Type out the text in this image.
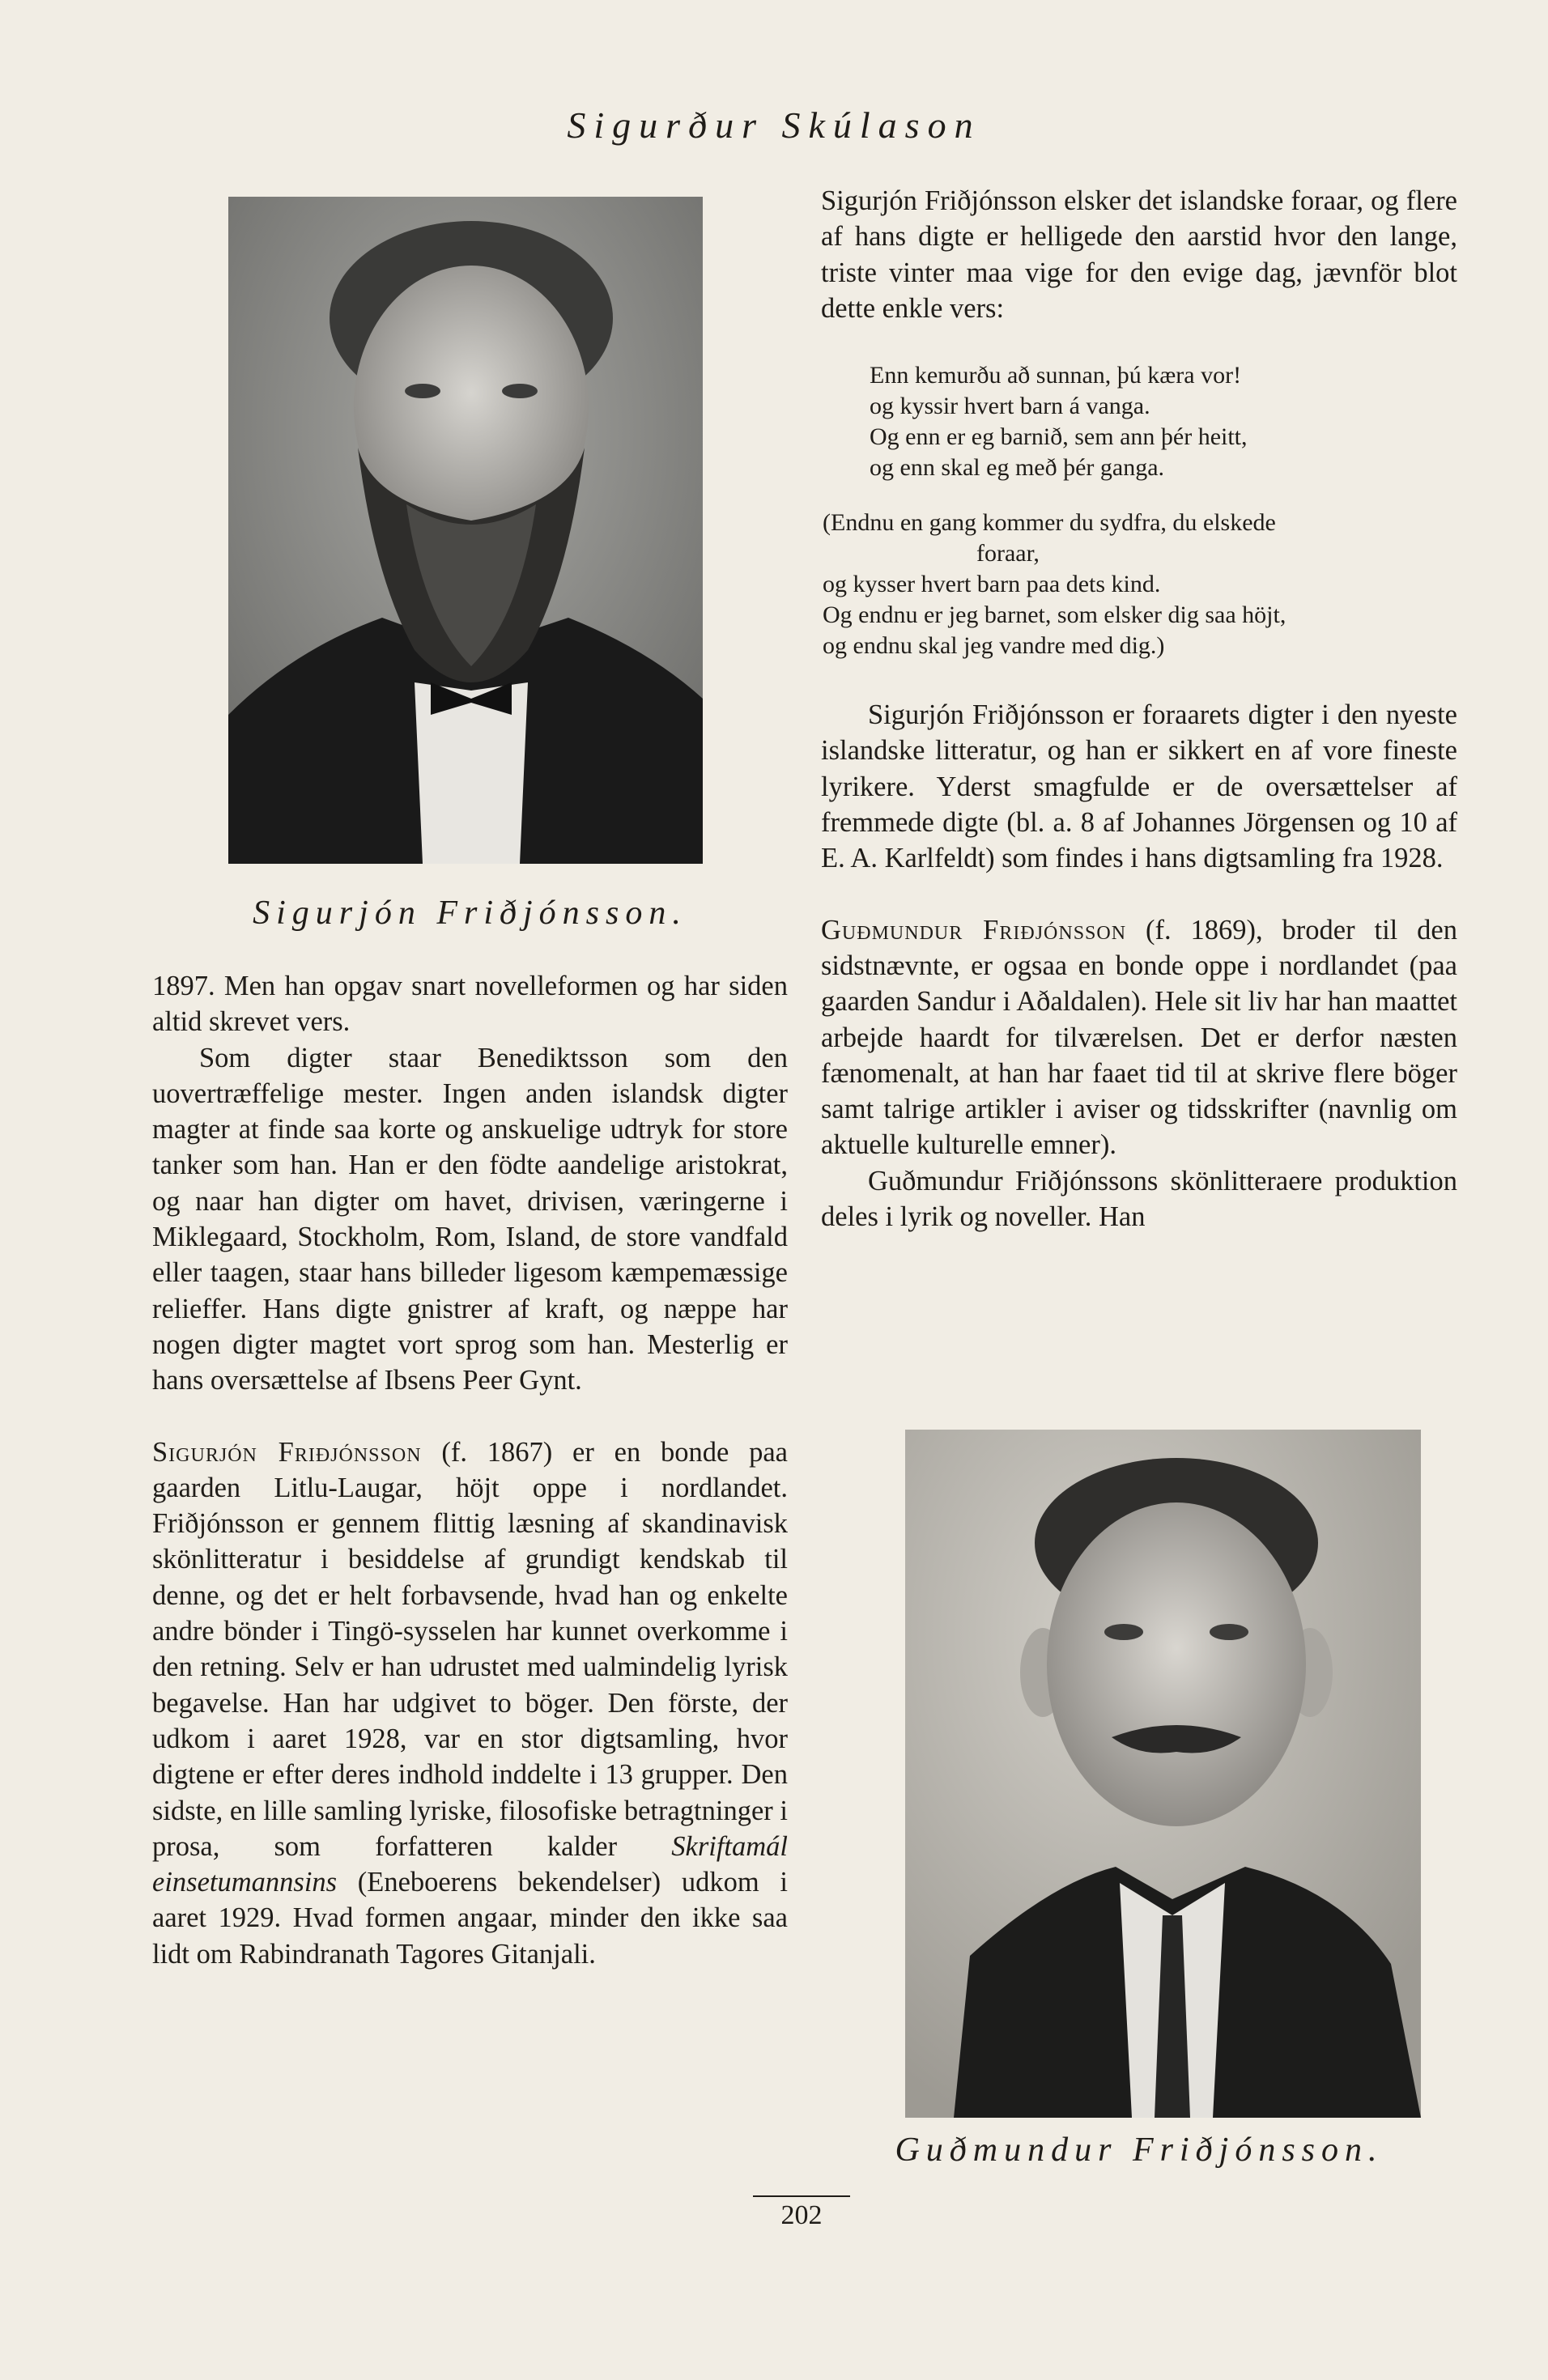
Sigurður Skúlason
Sigurjón Friðjónsson.

1897. Men han opgav snart novelleformen og har siden altid skrevet vers.

Som digter staar Benediktsson som den uovertræffelige mester. Ingen anden islandsk digter magter at finde saa korte og anskuelige udtryk for store tanker som han. Han er den födte aandelige aristokrat, og naar han digter om havet, drivisen, væringerne i Miklegaard, Stockholm, Rom, Island, de store vandfald eller taagen, staar hans billeder ligesom kæmpemæssige relieffer. Hans digte gnistrer af kraft, og næppe har nogen digter magtet vort sprog som han. Mesterlig er hans oversættelse af Ibsens Peer Gynt.

Sigurjón Friðjónsson (f. 1867) er en bonde paa gaarden Litlu-Laugar, höjt oppe i nordlandet. Friðjónsson er gennem flittig læsning af skandinavisk skönlitteratur i besiddelse af grundigt kendskab til denne, og det er helt forbavsende, hvad han og enkelte andre bönder i Tingö-sysselen har kunnet overkomme i den retning. Selv er han udrustet med ualmindelig lyrisk begavelse. Han har udgivet to böger. Den förste, der udkom i aaret 1928, var en stor digtsamling, hvor digtene er efter deres indhold inddelte i 13 grupper. Den sidste, en lille samling lyriske, filosofiske betragtninger i prosa, som forfatteren kalder Skriftamál einsetumannsins (Eneboerens bekendelser) udkom i aaret 1929. Hvad formen angaar, minder den ikke saa lidt om Rabindranath Tagores Gitanjali.

Sigurjón Friðjónsson elsker det islandske foraar, og flere af hans digte er helligede den aarstid hvor den lange, triste vinter maa vige for den evige dag, jævnför blot dette enkle vers:

Enn kemurðu að sunnan, þú kæra vor!
og kyssir hvert barn á vanga.
Og enn er eg barnið, sem ann þér heitt,
og enn skal eg með þér ganga.
(Endnu en gang kommer du sydfra, du elskede
foraar,
og kysser hvert barn paa dets kind.
Og endnu er jeg barnet, som elsker dig saa höjt,
og endnu skal jeg vandre med dig.)

Sigurjón Friðjónsson er foraarets digter i den nyeste islandske litteratur, og han er sikkert en af vore fineste lyrikere. Yderst smagfulde er de oversættelser af fremmede digte (bl. a. 8 af Johannes Jörgensen og 10 af E. A. Karlfeldt) som findes i hans digtsamling fra 1928.

Guðmundur Friðjónsson (f. 1869), broder til den sidstnævnte, er ogsaa en bonde oppe i nordlandet (paa gaarden Sandur i Aðaldalen). Hele sit liv har han maattet arbejde haardt for tilværelsen. Det er derfor næsten fænomenalt, at han har faaet tid til at skrive flere böger samt talrige artikler i aviser og tidsskrifter (navnlig om aktuelle kulturelle emner).

Guðmundur Friðjónssons skönlitteraere produktion deles i lyrik og noveller. Han

Guðmundur Friðjónsson.
202
